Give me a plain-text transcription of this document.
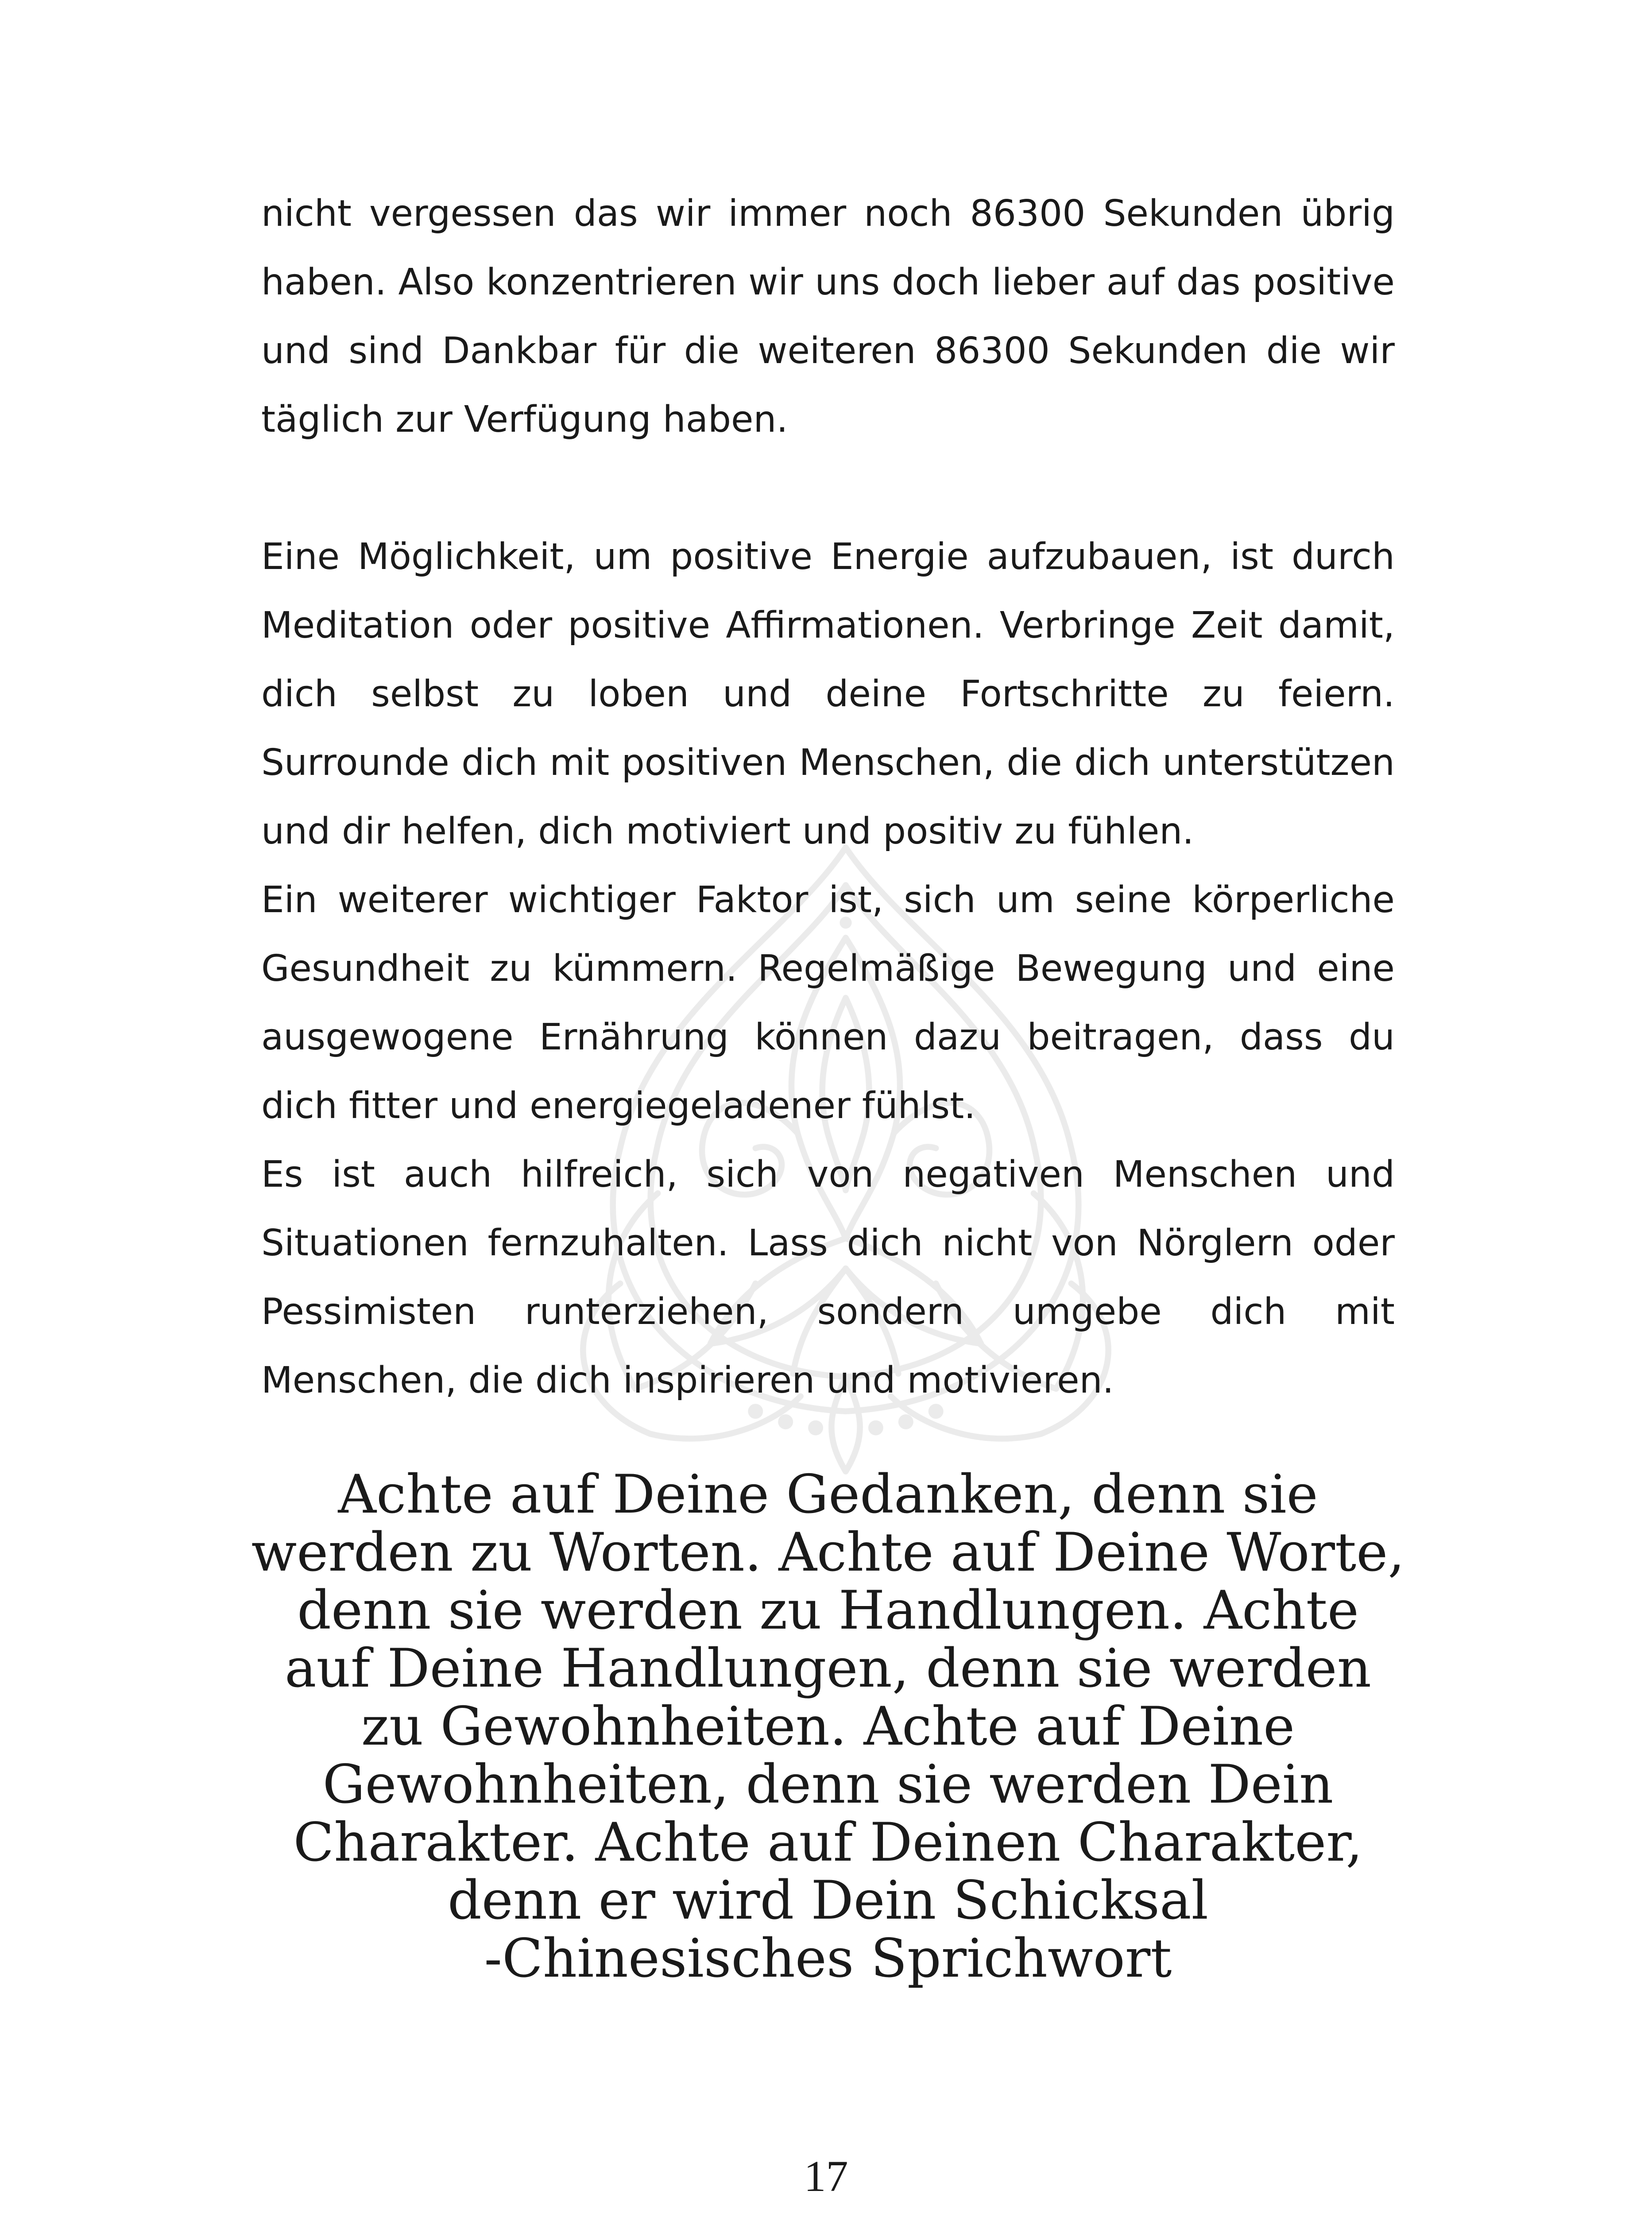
nicht vergessen das wir immer noch 86300 Sekunden übrig haben. Also konzentrieren wir uns doch lieber auf das positive und sind Dankbar für die weiteren 86300 Sekunden die wir täglich zur Verfügung haben.

Eine Möglichkeit, um positive Energie aufzubauen, ist durch Meditation oder positive Affirmationen. Verbringe Zeit damit, dich selbst zu loben und deine Fortschritte zu feiern. Surrounde dich mit positiven Menschen, die dich unterstützen und dir helfen, dich motiviert und positiv zu fühlen.

Ein weiterer wichtiger Faktor ist, sich um seine körperliche Gesundheit zu kümmern. Regelmäßige Bewegung und eine ausgewogene Ernährung können dazu beitragen, dass du dich fitter und energiegeladener fühlst.

Es ist auch hilfreich, sich von negativen Menschen und Situationen fernzuhalten. Lass dich nicht von Nörglern oder Pessimisten runterziehen, sondern umgebe dich mit Menschen, die dich inspirieren und motivieren.

Achte auf Deine Gedanken, denn sie werden zu Worten. Achte auf Deine Worte, denn sie werden zu Handlungen. Achte auf Deine Handlungen, denn sie werden zu Gewohnheiten. Achte auf Deine Gewohnheiten, denn sie werden Dein Charakter. Achte auf Deinen Charakter, denn er wird Dein Schicksal

-Chinesisches Sprichwort

17
